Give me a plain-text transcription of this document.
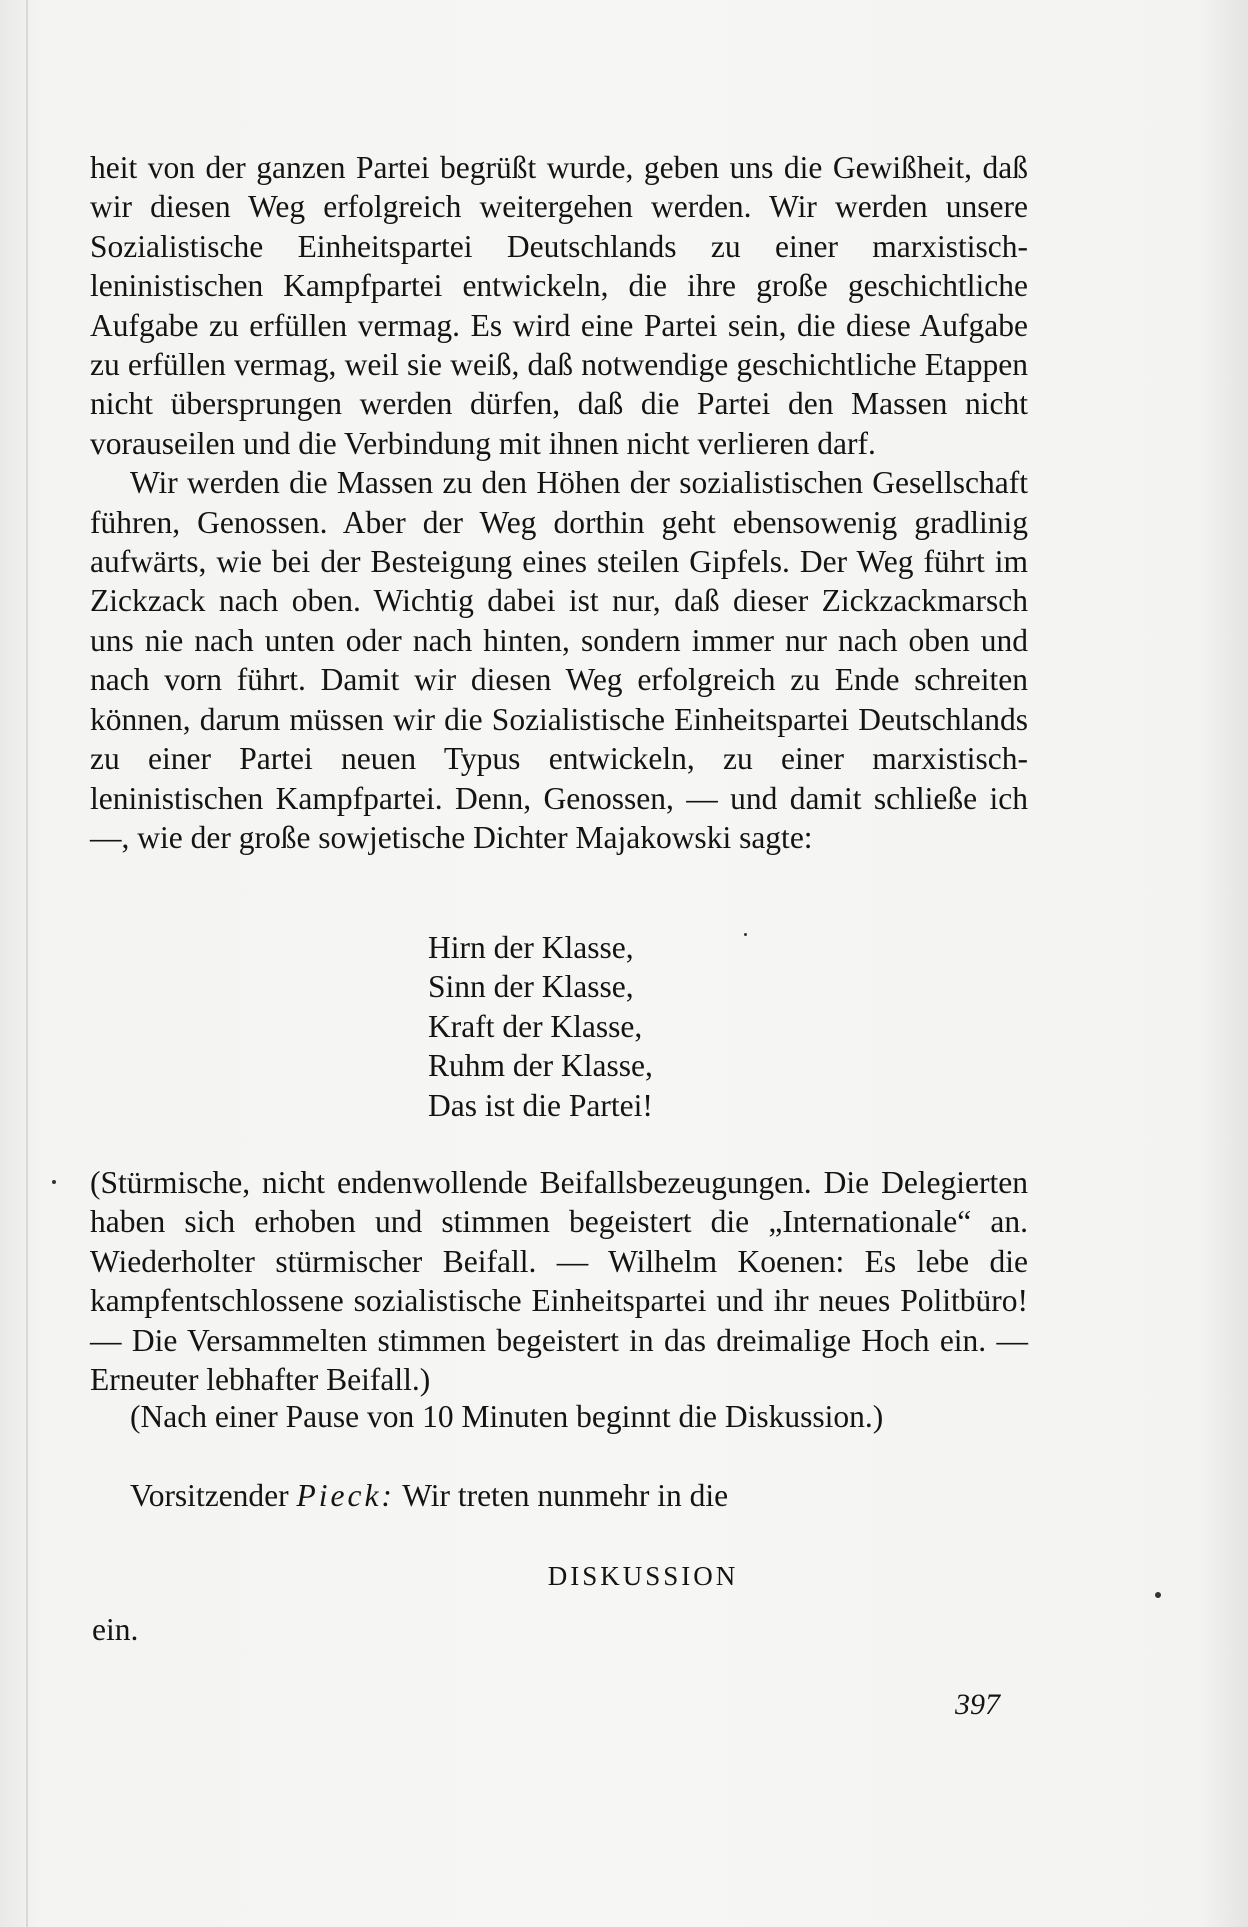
heit von der ganzen Partei begrüßt wurde, geben uns die Gewißheit, daß wir diesen Weg erfolgreich weitergehen werden. Wir werden unsere Sozialistische Einheitspartei Deutschlands zu einer marxistisch-leninistischen Kampfpartei entwickeln, die ihre große geschichtliche Aufgabe zu erfüllen vermag. Es wird eine Partei sein, die diese Aufgabe zu erfüllen vermag, weil sie weiß, daß notwendige geschichtliche Etappen nicht übersprungen werden dürfen, daß die Partei den Massen nicht vorauseilen und die Verbindung mit ihnen nicht verlieren darf.

Wir werden die Massen zu den Höhen der sozialistischen Gesellschaft führen, Genossen. Aber der Weg dorthin geht ebensowenig gradlinig aufwärts, wie bei der Besteigung eines steilen Gipfels. Der Weg führt im Zickzack nach oben. Wichtig dabei ist nur, daß dieser Zickzackmarsch uns nie nach unten oder nach hinten, sondern immer nur nach oben und nach vorn führt. Damit wir diesen Weg erfolgreich zu Ende schreiten können, darum müssen wir die Sozialistische Einheitspartei Deutschlands zu einer Partei neuen Typus entwickeln, zu einer marxistisch-leninistischen Kampfpartei. Denn, Genossen, — und damit schließe ich —, wie der große sowjetische Dichter Majakowski sagte:

Hirn der Klasse,
Sinn der Klasse,
Kraft der Klasse,
Ruhm der Klasse,
Das ist die Partei!

(Stürmische, nicht endenwollende Beifallsbezeugungen. Die Delegierten haben sich erhoben und stimmen begeistert die „Internationale“ an. Wiederholter stürmischer Beifall. — Wilhelm Koenen: Es lebe die kampfentschlossene sozialistische Einheitspartei und ihr neues Politbüro! — Die Versammelten stimmen begeistert in das dreimalige Hoch ein. — Erneuter lebhafter Beifall.)

(Nach einer Pause von 10 Minuten beginnt die Diskussion.)
Vorsitzender Pieck: Wir treten nunmehr in die
DISKUSSION
ein.
397
